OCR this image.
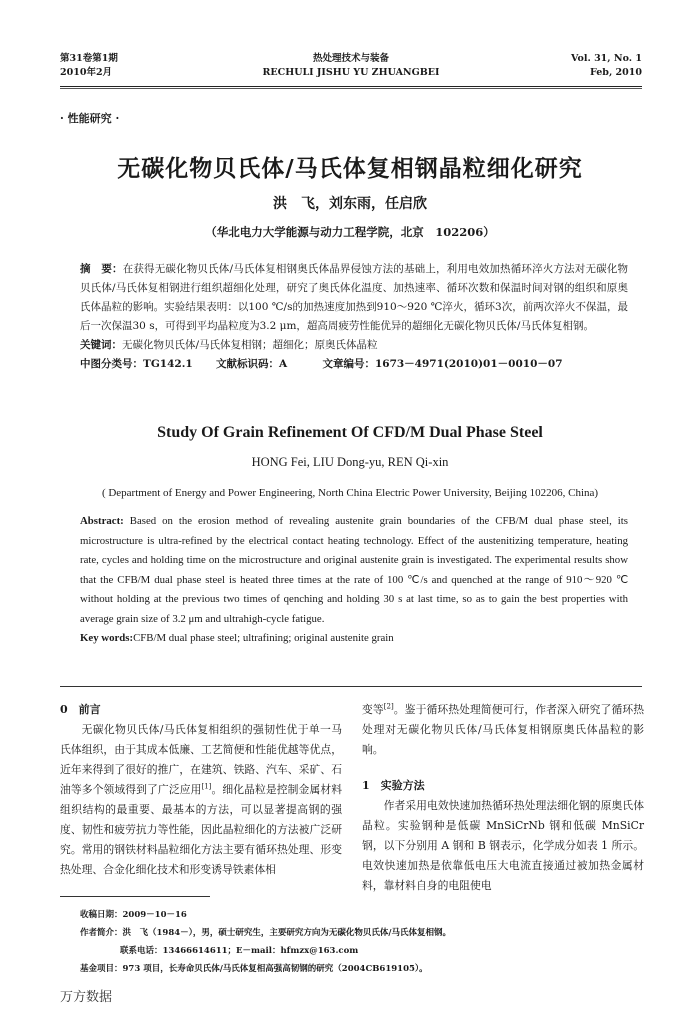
第31卷第1期
2010年2月
热处理技术与装备
RECHULI JISHU YU ZHUANGBEI
Vol. 31, No. 1
Feb, 2010
· 性能研究 ·
无碳化物贝氏体/马氏体复相钢晶粒细化研究
洪　飞，刘东雨，任启欣
（华北电力大学能源与动力工程学院，北京　102206）

摘　要：在获得无碳化物贝氏体/马氏体复相钢奥氏体晶界侵蚀方法的基础上，利用电效加热循环淬火方法对无碳化物贝氏体/马氏体复相钢进行组织超细化处理，研究了奥氏体化温度、加热速率、循环次数和保温时间对钢的组织和原奥氏体晶粒的影响。实验结果表明：以100 ℃/s的加热速度加热到910～920 ℃淬火，循环3次，前两次淬火不保温，最后一次保温30 s，可得到平均晶粒度为3.2 μm，超高周疲劳性能优异的超细化无碳化物贝氏体/马氏体复相钢。

关键词：无碳化物贝氏体/马氏体复相钢；超细化；原奥氏体晶粒

中图分类号：TG142.1 文献标识码：A	文章编号：1673－4971(2010)01－0010－07

Study Of Grain Refinement Of CFD/M Dual Phase Steel
HONG Fei, LIU Dong-yu, REN Qi-xin
( Department of Energy and Power Engineering, North China Electric Power University, Beijing 102206, China)

Abstract: Based on the erosion method of revealing austenite grain boundaries of the CFB/M dual phase steel, its microstructure is ultra-refined by the electrical contact heating technology. Effect of the austenitizing temperature, heating rate, cycles and holding time on the microstructure and original austenite grain is investigated. The experimental results show that the CFB/M dual phase steel is heated three times at the rate of 100 ℃/s and quenched at the range of 910～920 ℃ without holding at the previous two times of qenching and holding 30 s at last time, so as to gain the best properties with average grain size of 3.2 μm and ultrahigh-cycle fatigue.

Key words:CFB/M dual phase steel; ultrafining; original austenite grain

0　前言

无碳化物贝氏体/马氏体复相组织的强韧性优于单一马氏体组织，由于其成本低廉、工艺简便和性能优越等优点，近年来得到了很好的推广，在建筑、铁路、汽车、采矿、石油等多个领域得到了广泛应用[1]。细化晶粒是控制金属材料组织结构的最重要、最基本的方法，可以显著提高钢的强度、韧性和疲劳抗力等性能，因此晶粒细化的方法被广泛研究。常用的钢铁材料晶粒细化方法主要有循环热处理、形变热处理、合金化细化技术和形变诱导铁素体相

变等[2]。鉴于循环热处理简便可行，作者深入研究了循环热处理对无碳化物贝氏体/马氏体复相钢原奥氏体晶粒的影响。

1　实验方法

作者采用电效快速加热循环热处理法细化钢的原奥氏体晶粒。实验钢种是低碳 MnSiCrNb 钢和低碳 MnSiCr 钢，以下分别用 A 钢和 B 钢表示，化学成分如表 1 所示。电效快速加热是依靠低电压大电流直接通过被加热金属材料，靠材料自身的电阻使电

收稿日期：2009－10－16
作者简介：洪　飞（1984－），男，硕士研究生，主要研究方向为无碳化物贝氏体/马氏体复相钢。
联系电话：13466614611；E－mail：hfmzx@163.com
基金项目：973 项目，长寿命贝氏体/马氏体复相高强高韧钢的研究（2004CB619105）。
万方数据
